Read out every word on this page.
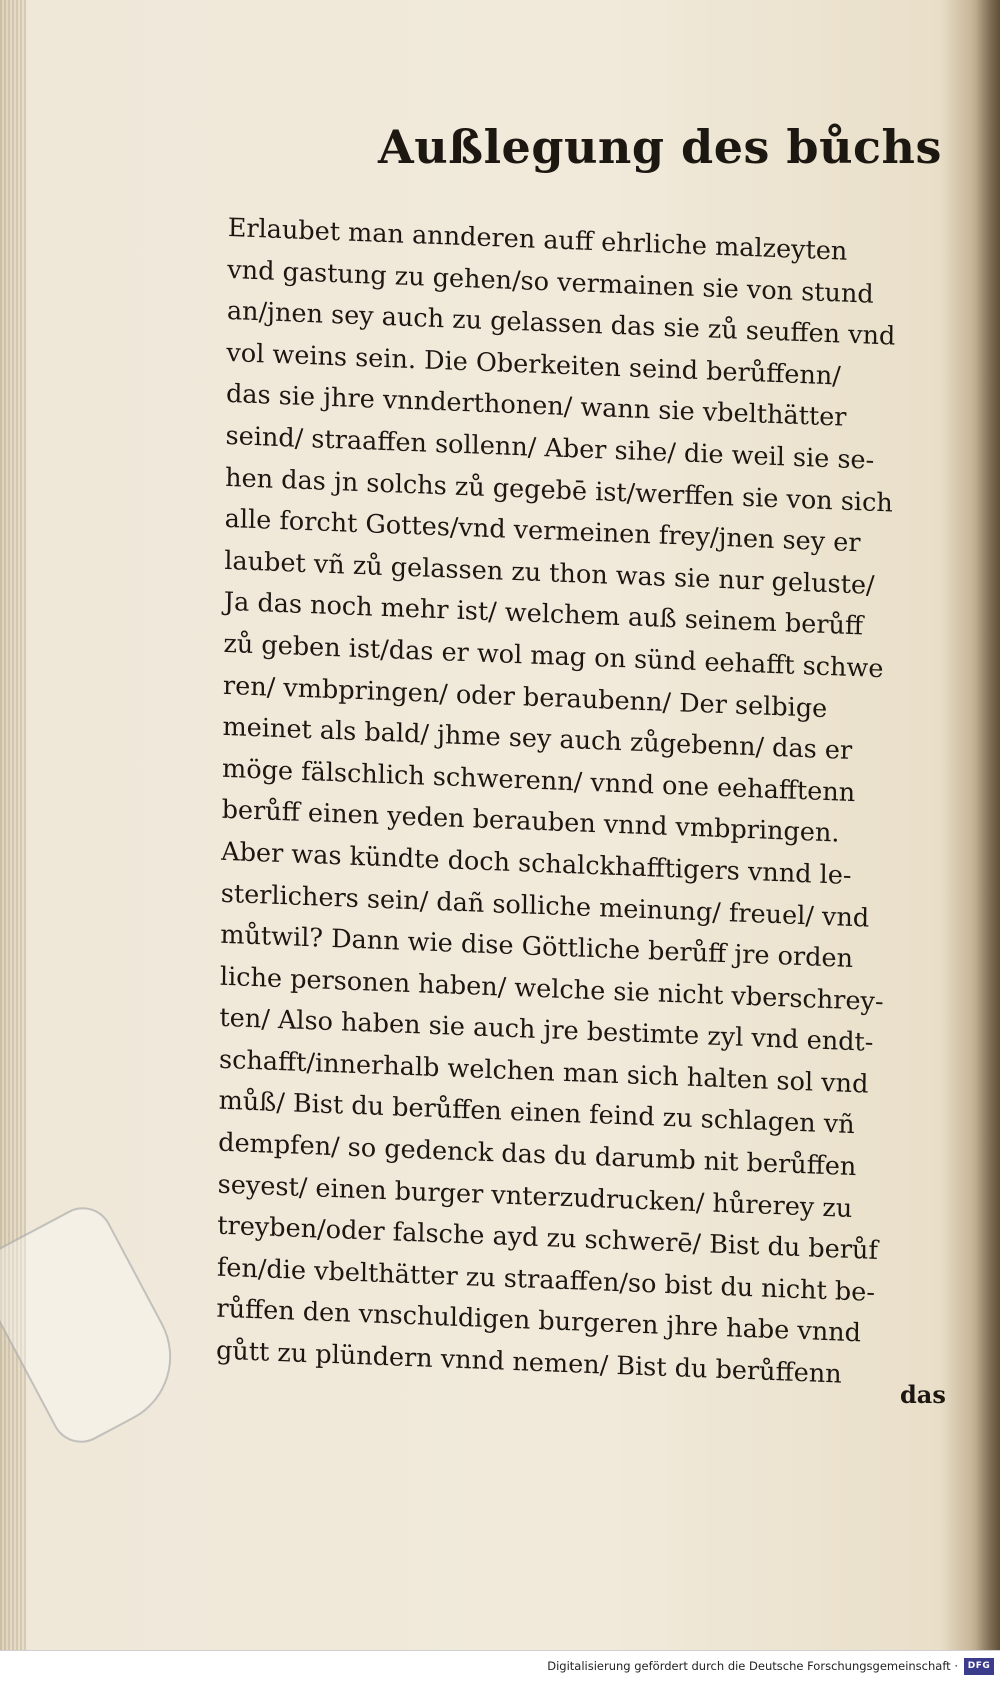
Außlegung des bůchs
Erlaubet man annderen auff ehrliche malzeyten
vnd gastung zu gehen/so vermainen sie von stund
an/jnen sey auch zu gelassen das sie zů seuffen vnd
vol weins sein. Die Oberkeiten seind berůffenn/
das sie jhre vnnderthonen/ wann sie vbelthätter
seind/ straaffen sollenn/ Aber sihe/ die weil sie se-
hen das jn solchs zů gegebē ist/werffen sie von sich
alle forcht Gottes/vnd vermeinen frey/jnen sey er
laubet vñ zů gelassen zu thon was sie nur geluste/
Ja das noch mehr ist/ welchem auß seinem berůff
zů geben ist/das er wol mag on sünd eehafft schwe
ren/ vmbpringen/ oder beraubenn/ Der selbige
meinet als bald/ jhme sey auch zůgebenn/ das er
möge fälschlich schwerenn/ vnnd one eehafftenn
berůff einen yeden berauben vnnd vmbpringen.
Aber was kündte doch schalckhafftigers vnnd le-
sterlichers sein/ dañ solliche meinung/ freuel/ vnd
můtwil? Dann wie dise Göttliche berůff jre orden
liche personen haben/ welche sie nicht vberschrey-
ten/ Also haben sie auch jre bestimte zyl vnd endt-
schafft/innerhalb welchen man sich halten sol vnd
můß/ Bist du berůffen einen feind zu schlagen vñ
dempfen/ so gedenck das du darumb nit berůffen
seyest/ einen burger vnterzudrucken/ hůrerey zu
treyben/oder falsche ayd zu schwerē/ Bist du berůf
fen/die vbelthätter zu straaffen/so bist du nicht be-
růffen den vnschuldigen burgeren jhre habe vnnd
gůtt zu plündern vnnd nemen/ Bist du berůffenn
das
Digitalisierung gefördert durch die Deutsche Forschungsgemeinschaft ·	DFG
